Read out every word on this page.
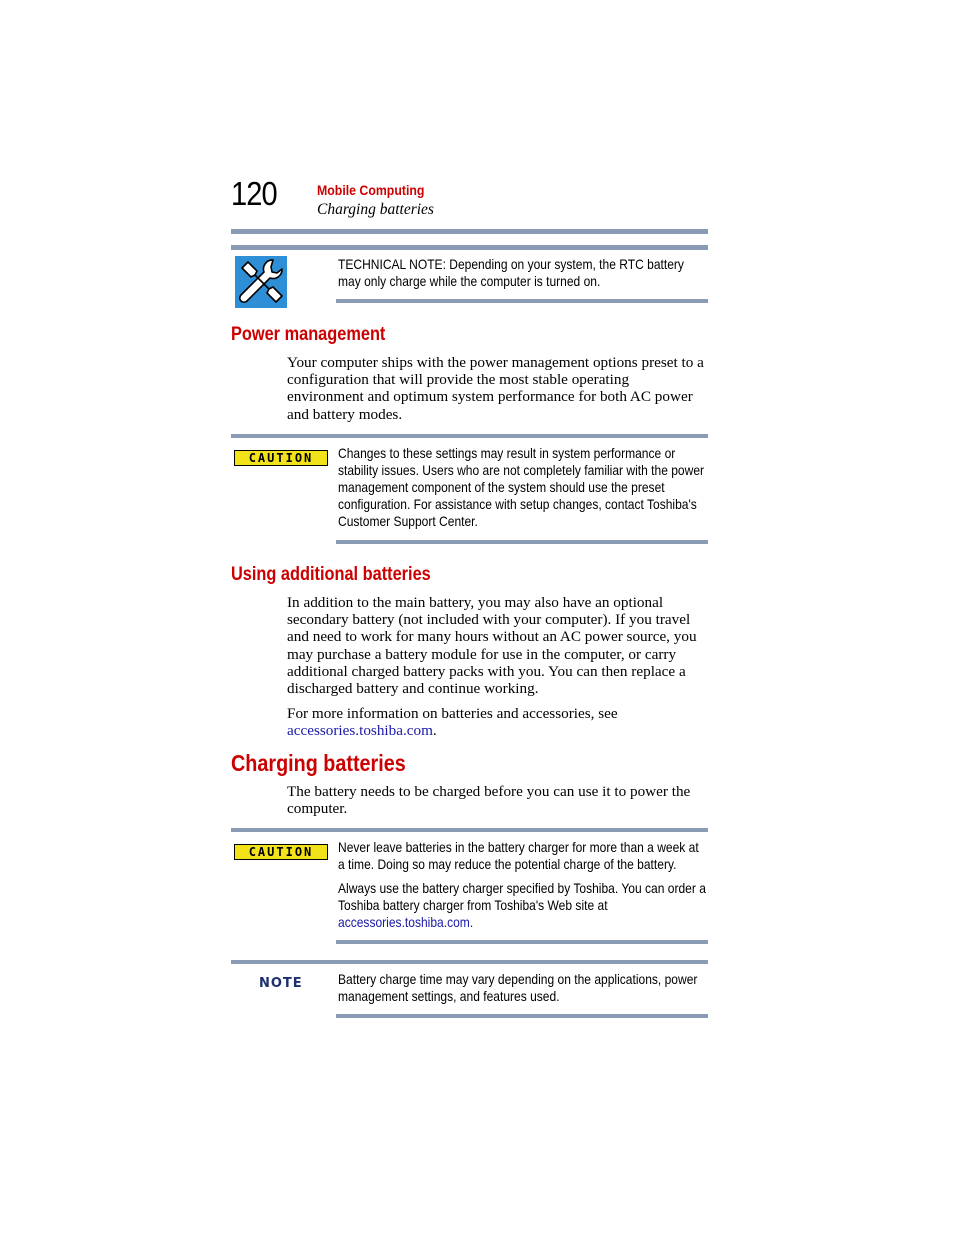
120	Mobile Computing
Charging batteries
TECHNICAL NOTE: Depending on your system, the RTC battery may only charge while the computer is turned on.
Power management
Your computer ships with the power management options preset to a configuration that will provide the most stable operating environment and optimum system performance for both AC power and battery modes.
CAUTION	Changes to these settings may result in system performance or stability issues. Users who are not completely familiar with the power management component of the system should use the preset configuration. For assistance with setup changes, contact Toshiba's Customer Support Center.
Using additional batteries
In addition to the main battery, you may also have an optional secondary battery (not included with your computer). If you travel and need to work for many hours without an AC power source, you may purchase a battery module for use in the computer, or carry additional charged battery packs with you. You can then replace a discharged battery and continue working.
For more information on batteries and accessories, see
accessories.toshiba.com.
Charging batteries
The battery needs to be charged before you can use it to power the computer.
CAUTION	Never leave batteries in the battery charger for more than a week at a time. Doing so may reduce the potential charge of the battery.

Always use the battery charger specified by Toshiba. You can order a Toshiba battery charger from Toshiba's Web site at
accessories.toshiba.com.

NOTE	Battery charge time may vary depending on the applications, power management settings, and features used.
